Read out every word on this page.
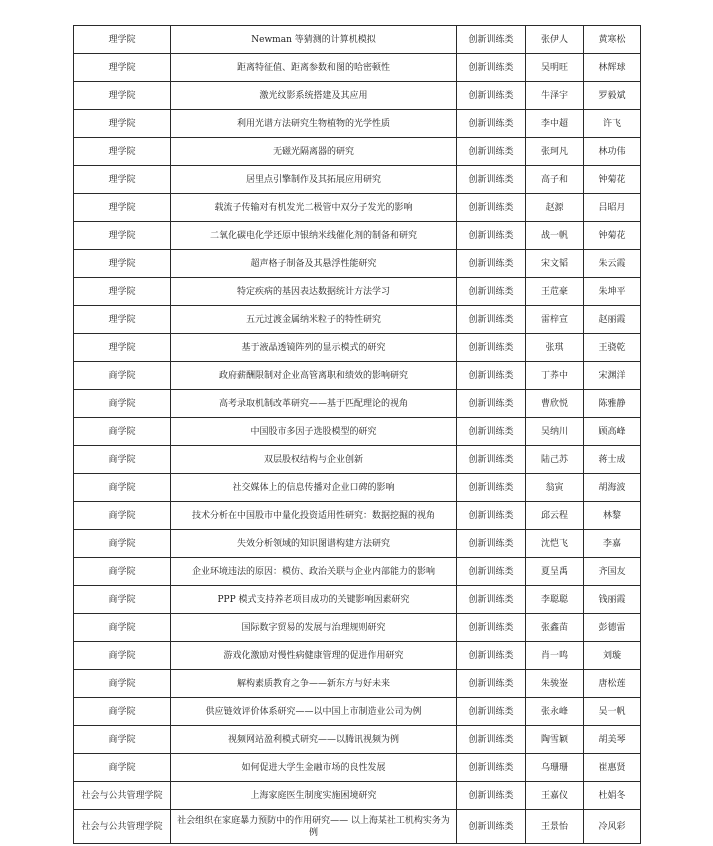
理学院	Newman 等猜测的计算机模拟	创新训练类	张伊人	黄寒松
理学院	距离特征值、距离参数和图的哈密顿性	创新训练类	吴明旺	林辉球
理学院	激光纹影系统搭建及其应用	创新训练类	牛泽宇	罗毅斌
理学院	利用光谱方法研究生物植物的光学性质	创新训练类	李中超	许飞
理学院	无磁光隔离器的研究	创新训练类	张珂凡	林功伟
理学院	居里点引擎制作及其拓展应用研究	创新训练类	高子和	钟菊花
理学院	载流子传输对有机发光二极管中双分子发光的影响	创新训练类	赵源	吕昭月
理学院	二氧化碳电化学还原中银纳米线催化剂的制备和研究	创新训练类	战一帆	钟菊花
理学院	超声格子制备及其悬浮性能研究	创新训练类	宋文韬	朱云霞
理学院	特定疾病的基因表达数据统计方法学习	创新训练类	王苊豪	朱坤平
理学院	五元过渡金属纳米粒子的特性研究	创新训练类	雷梓宣	赵丽霞
理学院	基于液晶透镜阵列的显示模式的研究	创新训练类	张琪	王骁乾
商学院	政府薪酬限制对企业高管离职和绩效的影响研究	创新训练类	丁荞中	宋渊洋
商学院	高考录取机制改革研究——基于匹配理论的视角	创新训练类	曹欣悦	陈雅静
商学院	中国股市多因子选股模型的研究	创新训练类	吴纳川	顾高峰
商学院	双层股权结构与企业创新	创新训练类	陆己苏	蒋士成
商学院	社交媒体上的信息传播对企业口碑的影响	创新训练类	翁寅	胡海波
商学院	技术分析在中国股市中量化投资适用性研究：数据挖掘的视角	创新训练类	邱云程	林黎
商学院	失效分析领域的知识图谱构建方法研究	创新训练类	沈恺飞	李嘉
商学院	企业环境违法的原因：模仿、政治关联与企业内部能力的影响	创新训练类	夏呈禹	齐国友
商学院	PPP 模式支持养老项目成功的关键影响因素研究	创新训练类	李聪聪	钱丽霞
商学院	国际数字贸易的发展与治理规则研究	创新训练类	张鑫苗	彭德雷
商学院	游戏化激励对慢性病健康管理的促进作用研究	创新训练类	肖一鸣	刘璇
商学院	解构素质教育之争——新东方与好未来	创新训练类	朱骏崟	唐松莲
商学院	供应链效评价体系研究——以中国上市制造业公司为例	创新训练类	张永峰	吴一帆
商学院	视频网站盈利模式研究——以腾讯视频为例	创新训练类	陶雪颖	胡美琴
商学院	如何促进大学生金融市场的良性发展	创新训练类	乌珊珊	崔惠贤
社会与公共管理学院	上海家庭医生制度实施困境研究	创新训练类	王嘉仪	杜娟冬
社会与公共管理学院	社会组织在家庭暴力预防中的作用研究—— 以上海某社工机构实务为例	创新训练类	王景怡	冷风彩
